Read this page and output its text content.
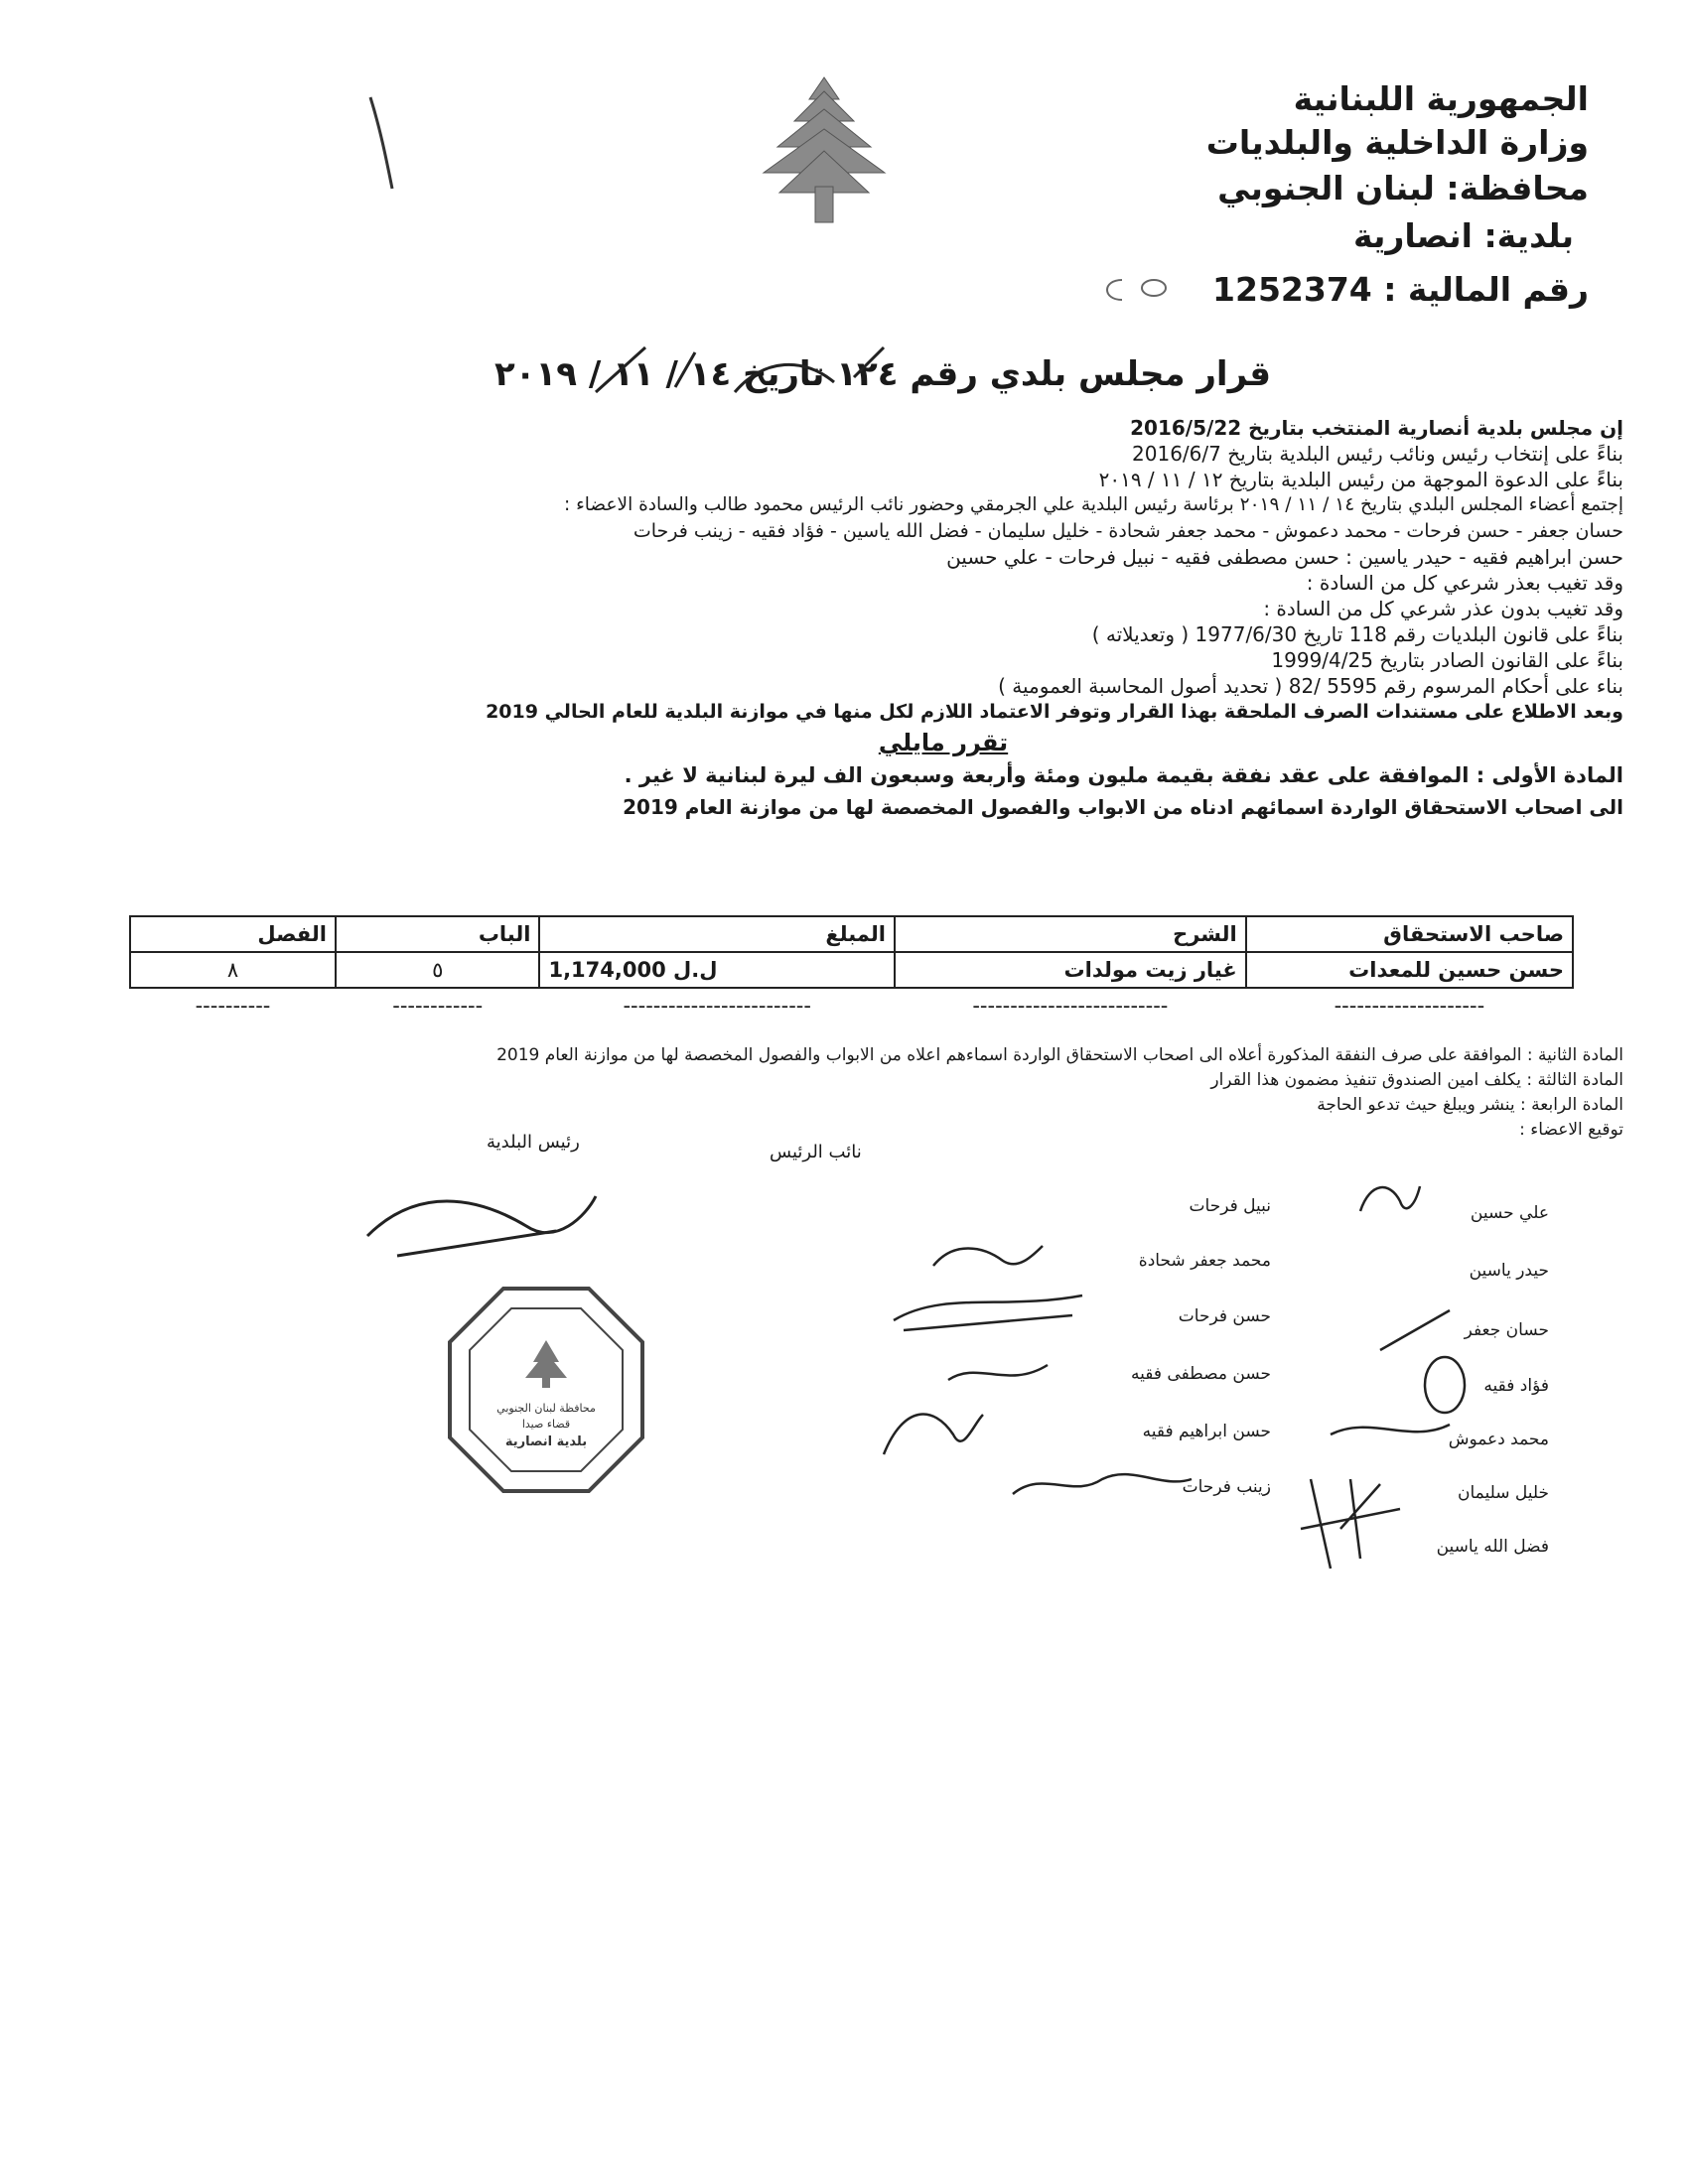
الجمهورية اللبنانية
وزارة الداخلية والبلديات
محافظة: لبنان الجنوبي
بلدية: انصارية
رقم المالية : 1252374
قرار مجلس بلدي رقم ١٢٤ تاريخ ١٤ / ١١ / ٢٠١٩
إن مجلس بلدية أنصارية المنتخب بتاريخ 2016/5/22
بناءً على إنتخاب رئيس ونائب رئيس البلدية بتاريخ 2016/6/7
بناءً على الدعوة الموجهة من رئيس البلدية بتاريخ ١٢ / ١١ / ٢٠١٩
إجتمع أعضاء المجلس البلدي بتاريخ ١٤ / ١١ / ٢٠١٩ برئاسة رئيس البلدية علي الجرمقي وحضور نائب الرئيس محمود طالب والسادة الاعضاء :
حسان جعفر - حسن فرحات - محمد دعموش - محمد جعفر شحادة - خليل سليمان - فضل الله ياسين - فؤاد فقيه - زينب فرحات
حسن ابراهيم فقيه - حيدر ياسين : حسن مصطفى فقيه - نبيل فرحات - علي حسين
وقد تغيب بعذر شرعي كل من السادة :
وقد تغيب بدون عذر شرعي كل من السادة :
بناءً على قانون البلديات رقم 118 تاريخ 1977/6/30 ( وتعديلاته )
بناءً على القانون الصادر بتاريخ 1999/4/25
بناء على أحكام المرسوم رقم 5595 /82 ( تحديد أصول المحاسبة العمومية )
وبعد الاطلاع على مستندات الصرف الملحقة بهذا القرار وتوفر الاعتماد اللازم لكل منها في موازنة البلدية للعام الحالي 2019
تقرر مايلي
المادة الأولى : الموافقة على عقد نفقة بقيمة مليون ومئة وأربعة وسبعون الف ليرة لبنانية لا غير .
الى اصحاب الاستحقاق الواردة اسمائهم ادناه من الابواب والفصول المخصصة لها من موازنة العام 2019
صاحب الاستحقاق	الشرح	المبلغ	الباب	الفصل
حسن حسين للمعدات	غيار زيت مولدات	1,174,000 ل.ل	٥	٨
--------------------	--------------------------	-------------------------	------------	----------
المادة الثانية : الموافقة على صرف النفقة المذكورة أعلاه الى اصحاب الاستحقاق الواردة اسماءهم اعلاه من الابواب والفصول المخصصة لها من موازنة العام 2019
المادة الثالثة : يكلف امين الصندوق تنفيذ مضمون هذا القرار
المادة الرابعة : ينشر ويبلغ حيث تدعو الحاجة
توقيع الاعضاء :
رئيس البلدية	نائب الرئيس
علي حسين
حيدر ياسين
حسان جعفر
فؤاد فقيه
محمد دعموش
خليل سليمان
فضل الله ياسين
نبيل فرحات
محمد جعفر شحادة
حسن فرحات
حسن مصطفى فقيه
حسن ابراهيم فقيه
زينب فرحات
محافظة لبنان الجنوبي
قضاء صيدا
بلدية انصارية
